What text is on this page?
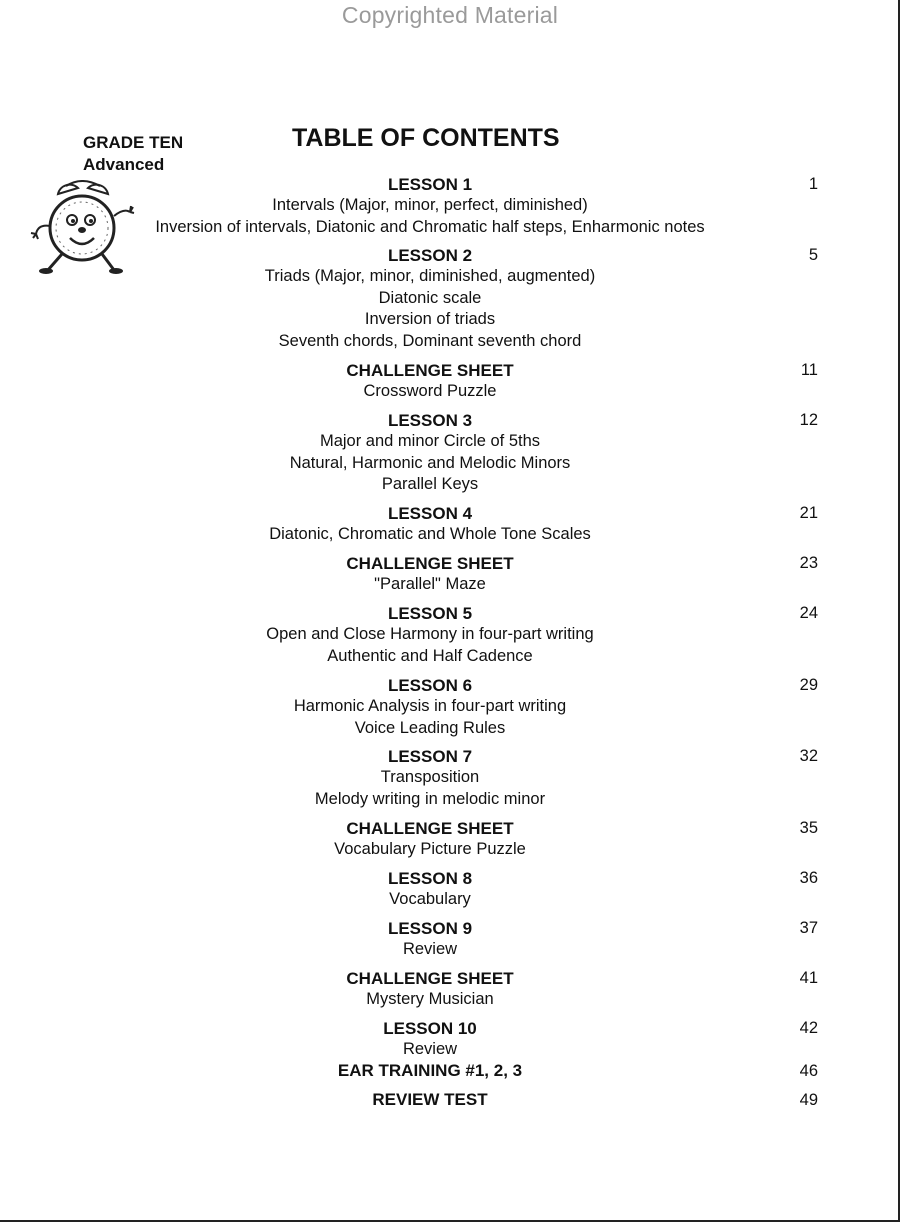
Copyrighted Material
GRADE TEN
Advanced
TABLE OF CONTENTS
LESSON 1
Intervals (Major, minor, perfect, diminished)
Inversion of intervals, Diatonic and Chromatic half steps, Enharmonic notes
1
LESSON 2
Triads (Major, minor, diminished, augmented)
Diatonic scale
Inversion of triads
Seventh chords, Dominant seventh chord
5
CHALLENGE SHEET
Crossword Puzzle
11
LESSON 3
Major and minor Circle of 5ths
Natural, Harmonic and Melodic Minors
Parallel Keys
12
LESSON 4
Diatonic, Chromatic and Whole Tone Scales
21
CHALLENGE SHEET
"Parallel" Maze
23
LESSON 5
Open and Close Harmony in four-part writing
Authentic and Half Cadence
24
LESSON 6
Harmonic Analysis in four-part writing
Voice Leading Rules
29
LESSON 7
Transposition
Melody writing in melodic minor
32
CHALLENGE SHEET
Vocabulary Picture Puzzle
35
LESSON 8
Vocabulary
36
LESSON 9
Review
37
CHALLENGE SHEET
Mystery Musician
41
LESSON 10
Review
42
EAR TRAINING #1, 2, 3	46
REVIEW TEST	49
